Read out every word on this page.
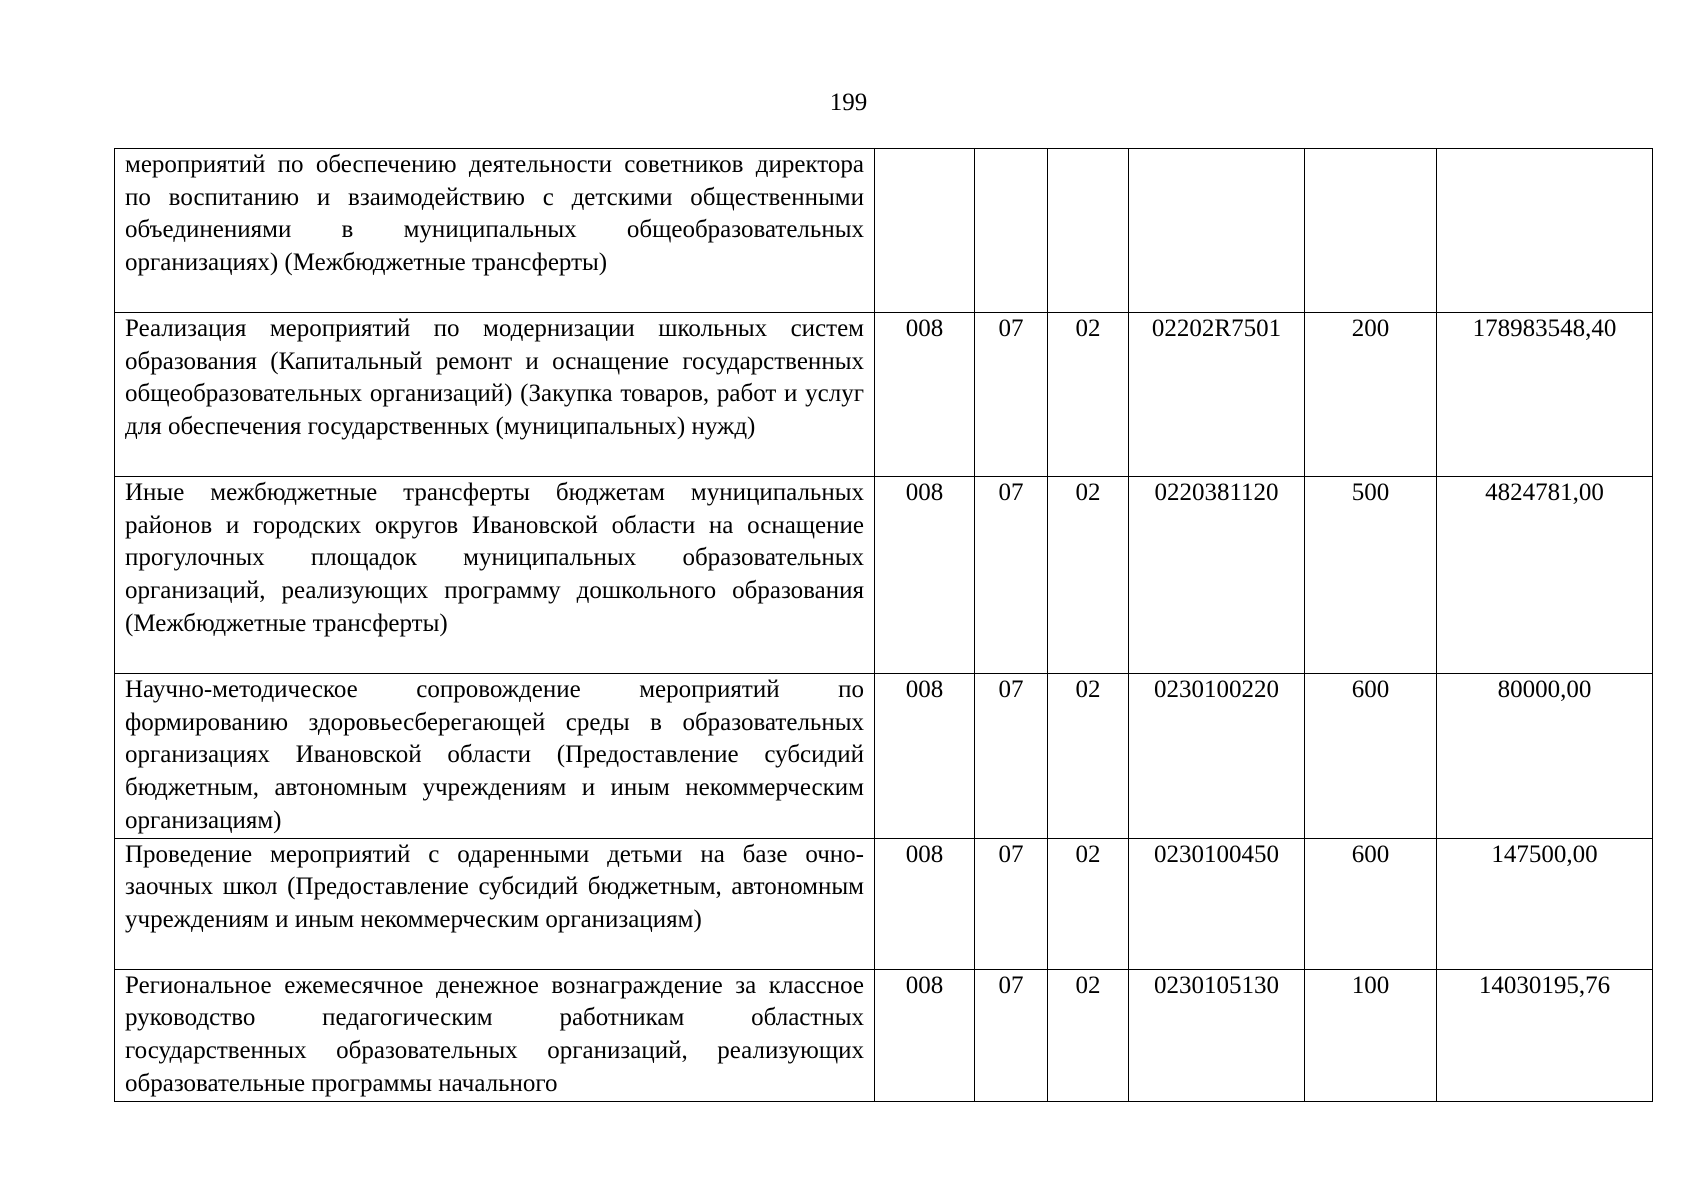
199
мероприятий по обеспечению деятельности советников директора по воспитанию и взаимодействию с детскими общественными объединениями в муниципальных общеобразовательных организациях) (Межбюджетные трансферты)						
Реализация мероприятий по модернизации школьных систем образования (Капитальный ремонт и оснащение государственных общеобразовательных организаций) (Закупка товаров, работ и услуг для обеспечения государственных (муниципальных) нужд)	008	07	02	02202R7501	200	178983548,40
Иные межбюджетные трансферты бюджетам муниципальных районов и городских округов Ивановской области на оснащение прогулочных площадок муниципальных образовательных организаций, реализующих программу дошкольного образования (Межбюджетные трансферты)	008	07	02	0220381120	500	4824781,00
Научно-методическое сопровождение мероприятий по формированию здоровьесберегающей среды в образовательных организациях Ивановской области (Предоставление субсидий бюджетным, автономным учреждениям и иным некоммерческим организациям)	008	07	02	0230100220	600	80000,00
Проведение мероприятий с одаренными детьми на базе очно-заочных школ (Предоставление субсидий бюджетным, автономным учреждениям и иным некоммерческим организациям)	008	07	02	0230100450	600	147500,00
Региональное ежемесячное денежное вознаграждение за классное руководство педагогическим работникам областных государственных образовательных организаций, реализующих образовательные программы начального	008	07	02	0230105130	100	14030195,76
